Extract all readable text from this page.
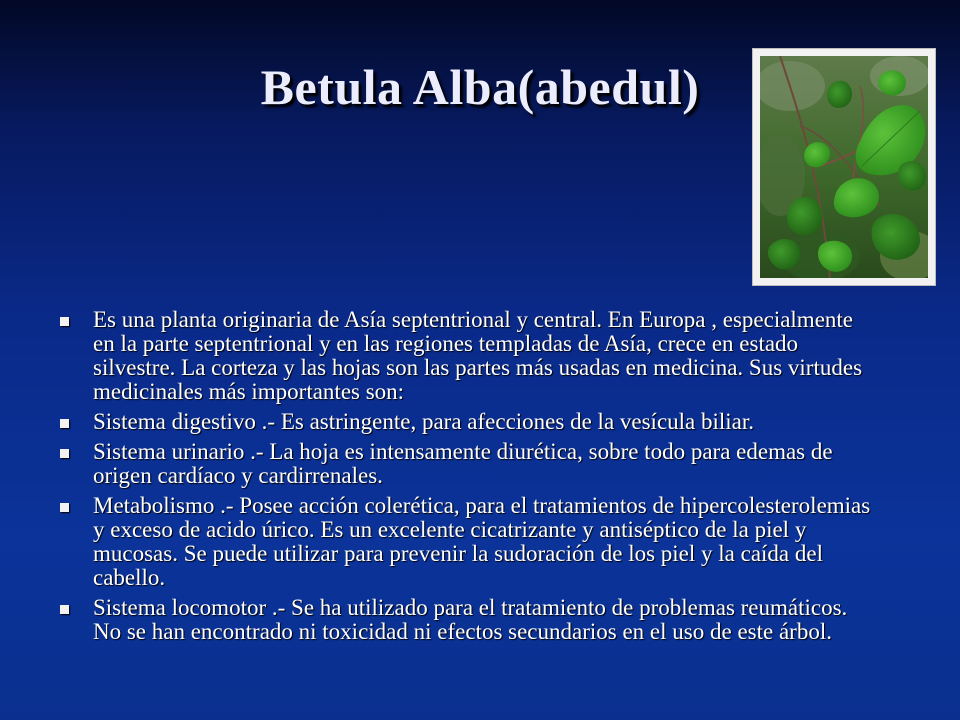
Betula Alba(abedul)
Es una planta originaria de Asía septentrional y central. En Europa , especialmente en la parte septentrional y en las regiones templadas de Asía, crece en estado silvestre. La corteza y las hojas son las partes más usadas en medicina. Sus virtudes medicinales más importantes son:
Sistema digestivo .- Es astringente, para afecciones de la vesícula biliar.
Sistema urinario .- La hoja es intensamente diurética, sobre todo para edemas de origen cardíaco y cardirrenales.
Metabolismo .- Posee acción colerética, para el tratamientos de hipercolesterolemias y exceso de acido úrico. Es un excelente cicatrizante y antiséptico de la piel y mucosas. Se puede utilizar para prevenir la sudoración de los piel y la caída del cabello.
Sistema locomotor .- Se ha utilizado para el tratamiento de problemas reumáticos. No se han encontrado ni toxicidad ni efectos secundarios en el uso de este árbol.
